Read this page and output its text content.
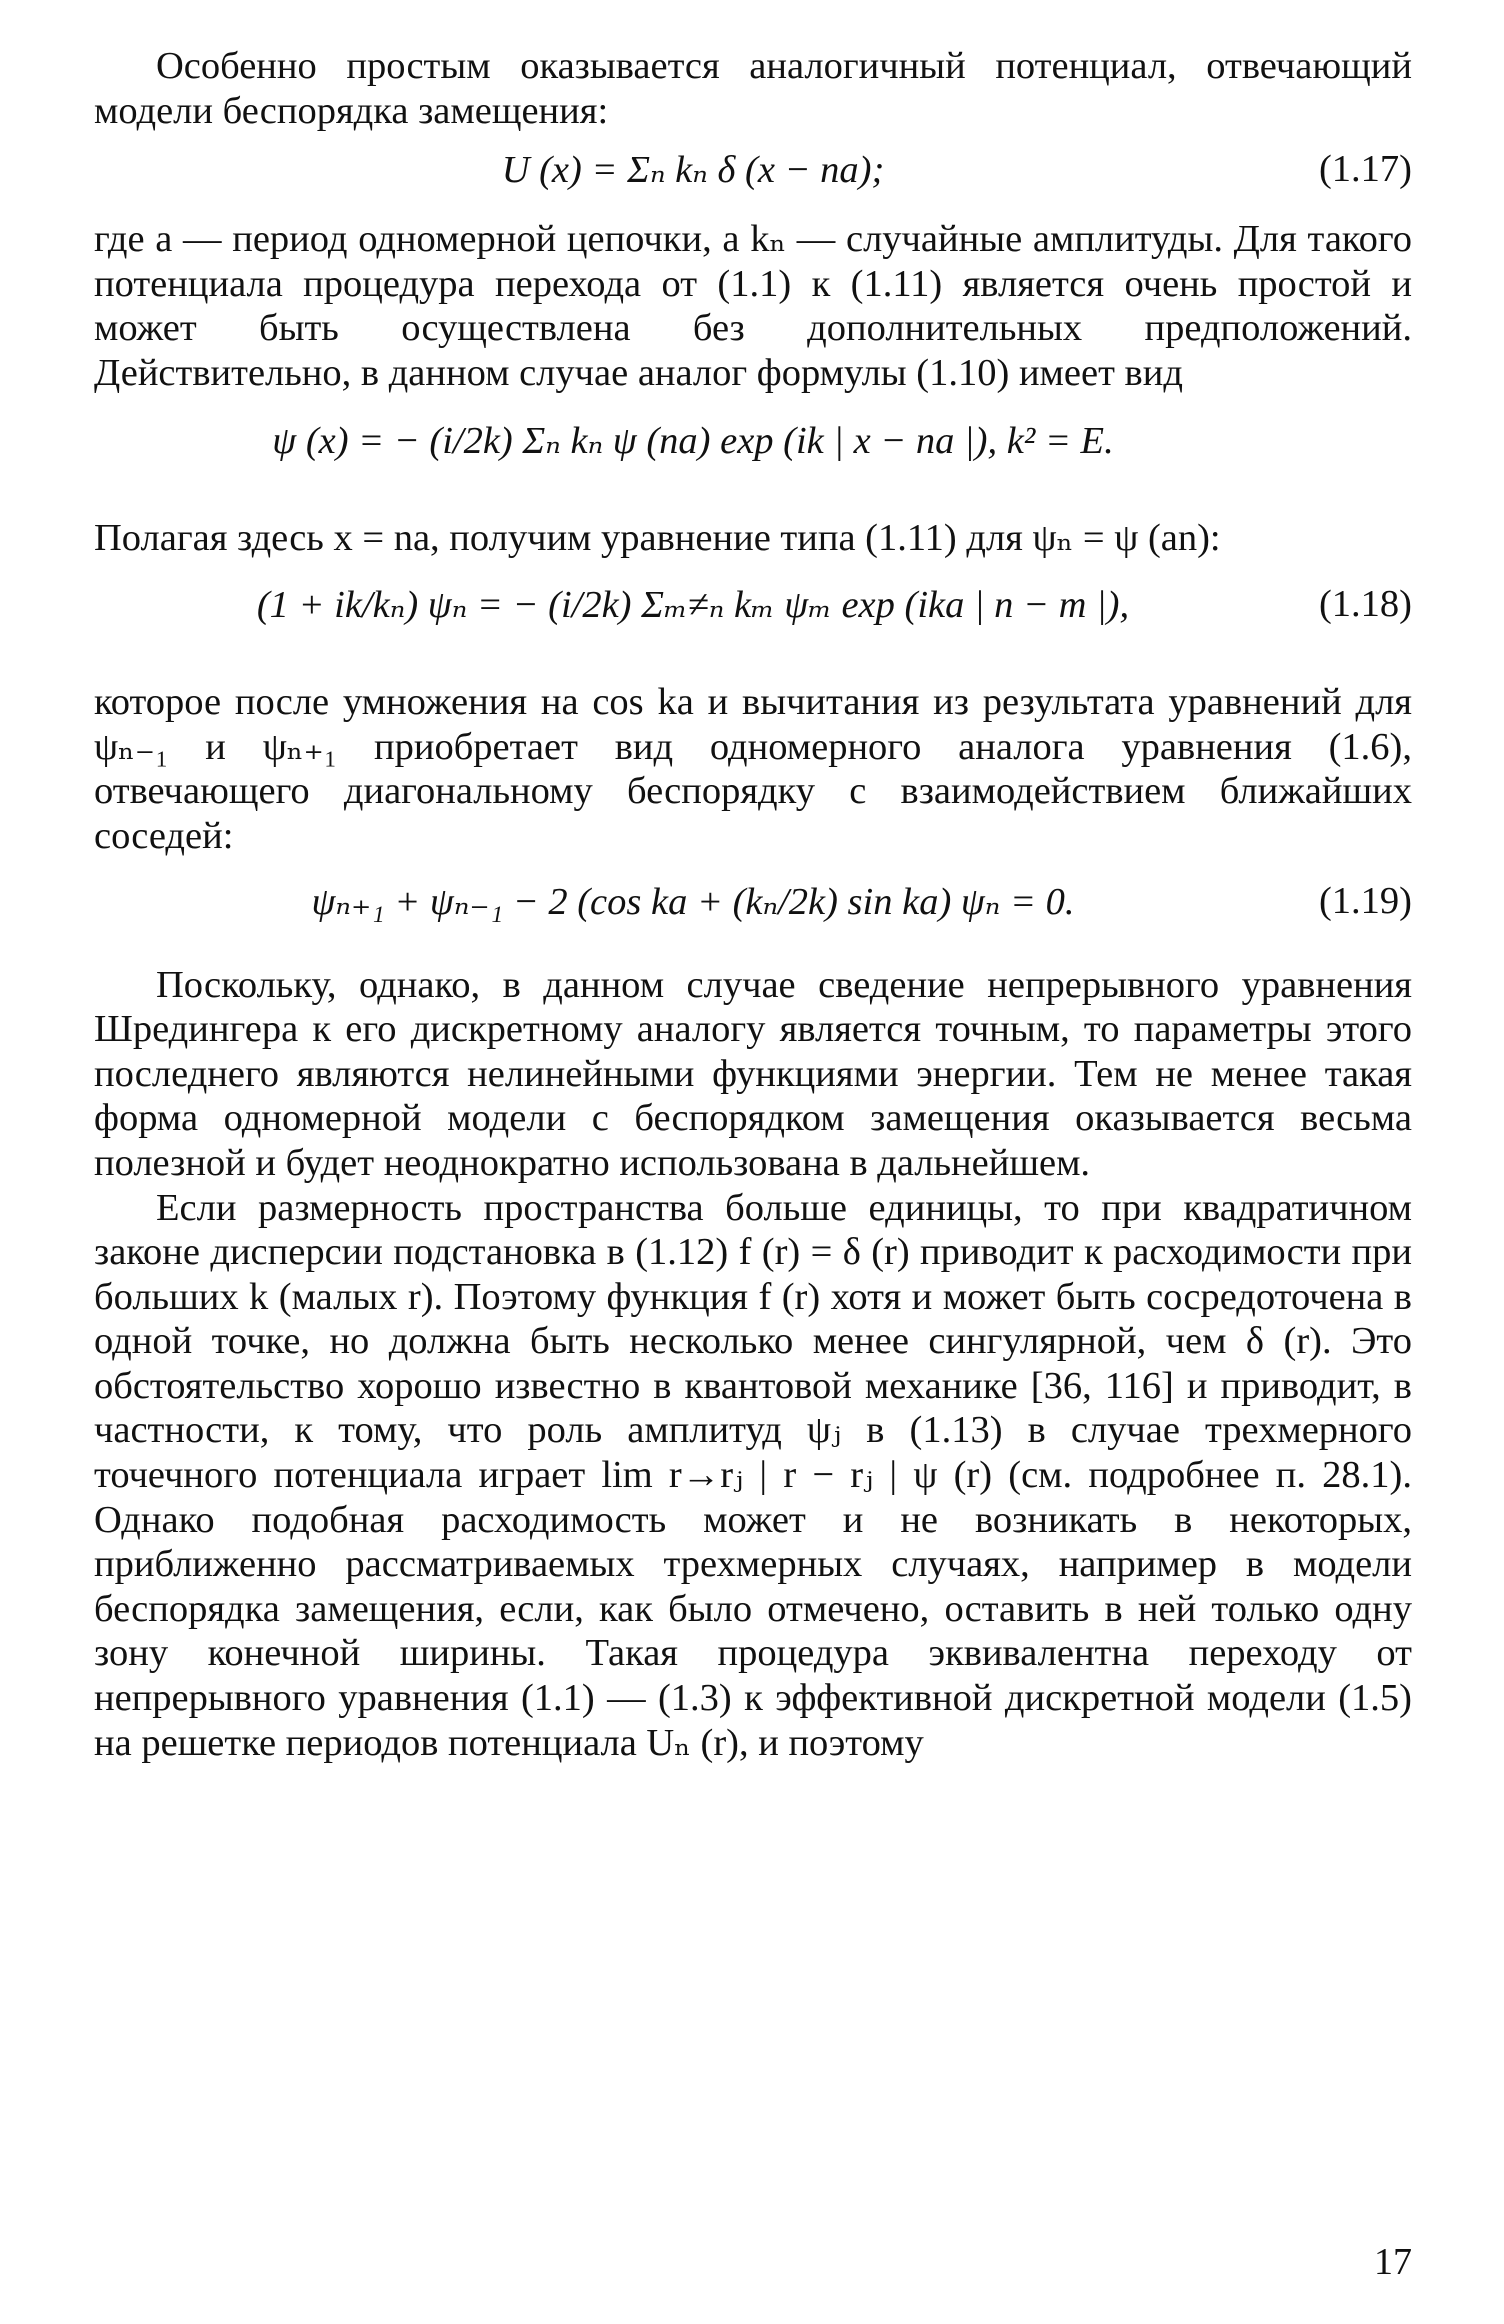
Особенно простым оказывается аналогичный потенциал, отвечающий модели беспорядка замещения:

U (x) = Σₙ kₙ δ (x − na);	(1.17)

где a — период одномерной цепочки, а kₙ — случайные амплитуды. Для такого потенциала процедура перехода от (1.1) к (1.11) является очень простой и может быть осуществлена без дополнительных предположений. Действительно, в данном случае аналог формулы (1.10) имеет вид

ψ (x) = − (i/2k) Σₙ kₙ ψ (na) exp (ik | x − na |), k² = E.

Полагая здесь x = na, получим уравнение типа (1.11) для ψₙ = ψ (an):

(1 + ik/kₙ) ψₙ = − (i/2k) Σₘ≠ₙ kₘ ψₘ exp (ika | n − m |),	(1.18)

которое после умножения на cos ka и вычитания из результата уравнений для ψₙ₋₁ и ψₙ₊₁ приобретает вид одномерного аналога уравнения (1.6), отвечающего диагональному беспорядку с взаимодействием ближайших соседей:

ψₙ₊₁ + ψₙ₋₁ − 2 (cos ka + (kₙ/2k) sin ka) ψₙ = 0.	(1.19)

Поскольку, однако, в данном случае сведение непрерывного уравнения Шредингера к его дискретному аналогу является точным, то параметры этого последнего являются нелинейными функциями энергии. Тем не менее такая форма одномерной модели с беспорядком замещения оказывается весьма полезной и будет неоднократно использована в дальнейшем.

Если размерность пространства больше единицы, то при квадратичном законе дисперсии подстановка в (1.12) f (r) = δ (r) приводит к расходимости при больших k (малых r). Поэтому функция f (r) хотя и может быть сосредоточена в одной точке, но должна быть несколько менее сингулярной, чем δ (r). Это обстоятельство хорошо известно в квантовой механике [36, 116] и приводит, в частности, к тому, что роль амплитуд ψⱼ в (1.13) в случае трехмерного точечного потенциала играет lim r→rⱼ | r − rⱼ | ψ (r) (см. подробнее п. 28.1). Однако подобная расходимость может и не возникать в некоторых, приближенно рассматриваемых трехмерных случаях, например в модели беспорядка замещения, если, как было отмечено, оставить в ней только одну зону конечной ширины. Такая процедура эквивалентна переходу от непрерывного уравнения (1.1) — (1.3) к эффективной дискретной модели (1.5) на решетке периодов потенциала Uₙ (r), и поэтому

17
